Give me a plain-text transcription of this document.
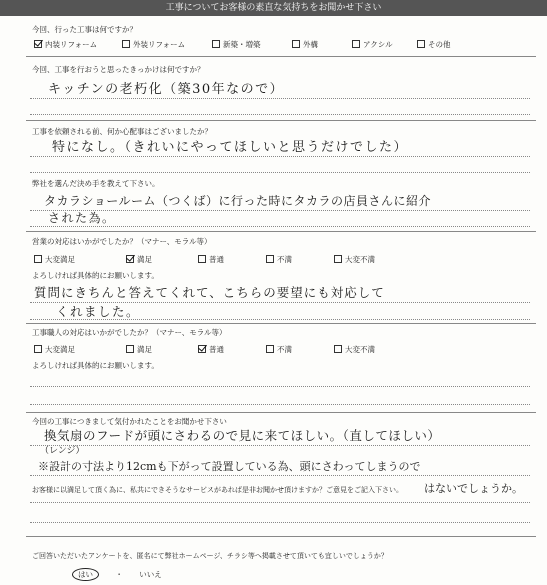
工事についてお客様の素直な気持ちをお聞かせ下さい
今回、行った工事は何ですか？
内装リフォーム	外装リフォーム	新築・増築	外構	アクシル	その他
今回、工事を行おうと思ったきっかけは何ですか？
キッチンの老朽化（築30年なので）
工事を依頼される前、何か心配事はございましたか？
特になし。（きれいにやってほしいと思うだけでした）
弊社を選んだ決め手を教えて下さい。
タカラショールーム（つくば）に行った時にタカラの店員さんに紹介
された為。
営業の対応はいかがでしたか？（マナー、モラル等）
大変満足	満足	普通	不満	大変不満
よろしければ具体的にお願いします。
質問にきちんと答えてくれて、こちらの要望にも対応して
くれました。
工事職人の対応はいかがでしたか？（マナー、モラル等）
大変満足	満足	普通	不満	大変不満
よろしければ具体的にお願いします。
今回の工事につきまして気付かれたことをお聞かせ下さい
換気扇のフードが頭にさわるので見に来てほしい。（直してほしい）
（レンジ）
※設計の寸法より12cmも下がって設置している為、頭にさわってしまうので
お客様に以満足して頂く為に、私共にできそうなサービスがあれば是非お聞かせ頂けますか？ご意見をご記入下さい。 はないでしょうか。
ご回答いただいたアンケートを、匿名にて弊社ホームページ、チラシ等へ掲載させて頂いても宜しいでしょうか？
はい	・ いいえ
